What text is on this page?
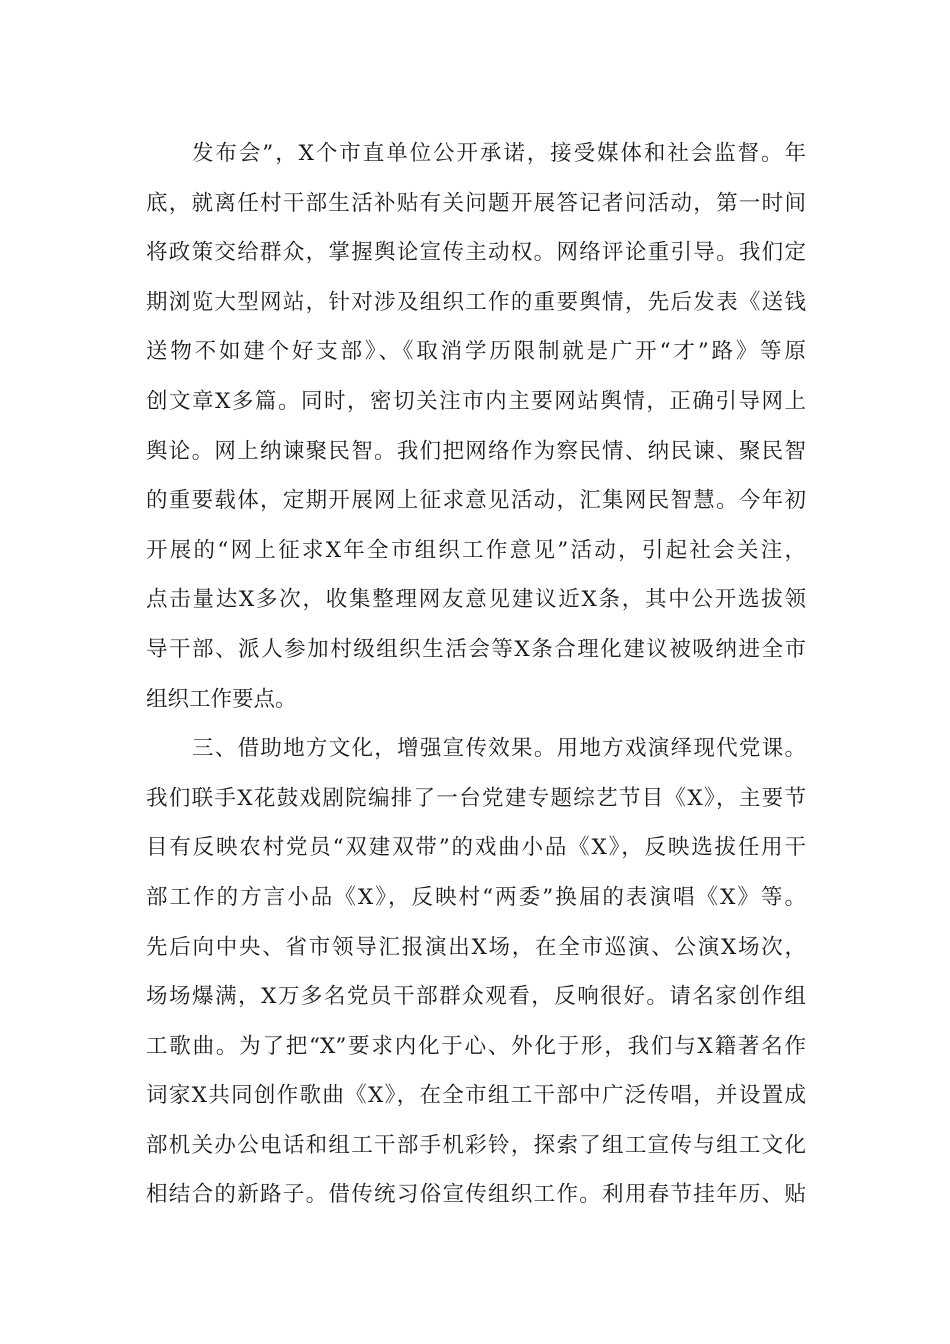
发布会”，X个市直单位公开承诺，接受媒体和社会监督。年
底，就离任村干部生活补贴有关问题开展答记者问活动，第一时间
将政策交给群众，掌握舆论宣传主动权。网络评论重引导。我们定
期浏览大型网站，针对涉及组织工作的重要舆情，先后发表《送钱
送物不如建个好支部》、《取消学历限制就是广开“才”路》等原
创文章X多篇。同时，密切关注市内主要网站舆情，正确引导网上
舆论。网上纳谏聚民智。我们把网络作为察民情、纳民谏、聚民智
的重要载体，定期开展网上征求意见活动，汇集网民智慧。今年初
开展的“网上征求X年全市组织工作意见”活动，引起社会关注，
点击量达X多次，收集整理网友意见建议近X条，其中公开选拔领
导干部、派人参加村级组织生活会等X条合理化建议被吸纳进全市
组织工作要点。
三、借助地方文化，增强宣传效果。用地方戏演绎现代党课。
我们联手X花鼓戏剧院编排了一台党建专题综艺节目《X》，主要节
目有反映农村党员“双建双带”的戏曲小品《X》，反映选拔任用干
部工作的方言小品《X》，反映村“两委”换届的表演唱《X》等。
先后向中央、省市领导汇报演出X场，在全市巡演、公演X场次，
场场爆满，X万多名党员干部群众观看，反响很好。请名家创作组
工歌曲。为了把“X”要求内化于心、外化于形，我们与X籍著名作
词家X共同创作歌曲《X》，在全市组工干部中广泛传唱，并设置成
部机关办公电话和组工干部手机彩铃，探索了组工宣传与组工文化
相结合的新路子。借传统习俗宣传组织工作。利用春节挂年历、贴
